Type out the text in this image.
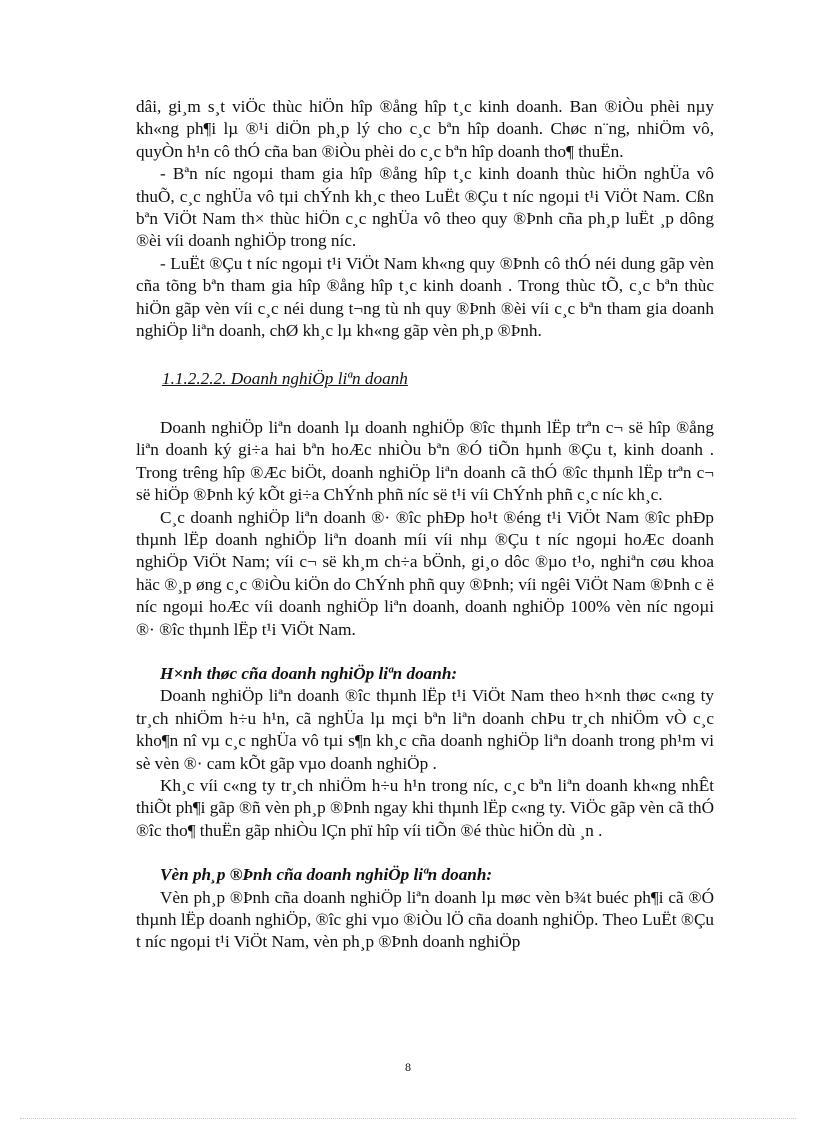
dâi, gi¸m s¸t viÖc thùc hiÖn hîp ®ång hîp t¸c kinh doanh. Ban ®iÒu phèi nµy kh«ng ph¶i lµ ®¹i diÖn ph¸p lý cho c¸c bªn hîp doanh. Chøc n¨ng, nhiÖm vô, quyÒn h¹n cô thÓ cña ban ®iÒu phèi do c¸c bªn hîp doanh tho¶ thuËn.

- Bªn níc ngoµi tham gia hîp ®ång hîp t¸c kinh doanh thùc hiÖn nghÜa vô thuÕ, c¸c nghÜa vô tµi chÝnh kh¸c theo LuËt ®Çu t níc ngoµi t¹i ViÖt Nam. Cßn bªn ViÖt Nam th× thùc hiÖn c¸c nghÜa vô theo quy ®Þnh cña ph¸p luËt ¸p dông ®èi víi doanh nghiÖp trong níc.

- LuËt ®Çu t níc ngoµi t¹i ViÖt Nam kh«ng quy ®Þnh cô thÓ néi dung gãp vèn cña tõng bªn tham gia hîp ®ång hîp t¸c kinh doanh . Trong thùc tÕ, c¸c bªn thùc hiÖn gãp vèn víi c¸c néi dung t¬ng tù nh quy ®Þnh ®èi víi c¸c bªn tham gia doanh nghiÖp liªn doanh, chØ kh¸c lµ kh«ng gãp vèn ph¸p ®Þnh.

1.1.2.2.2. Doanh nghiÖp liªn doanh

Doanh nghiÖp liªn doanh lµ doanh nghiÖp ®îc thµnh lËp trªn c¬ së hîp ®ång liªn doanh ký gi÷a hai bªn hoÆc nhiÒu bªn ®Ó tiÕn hµnh ®Çu t, kinh doanh . Trong trêng hîp ®Æc biÖt, doanh nghiÖp liªn doanh cã thÓ ®îc thµnh lËp trªn c¬ së hiÖp ®Þnh ký kÕt gi÷a ChÝnh phñ níc së t¹i víi ChÝnh phñ c¸c níc kh¸c.

C¸c doanh nghiÖp liªn doanh ®· ®îc phÐp ho¹t ®éng t¹i ViÖt Nam ®îc phÐp thµnh lËp doanh nghiÖp liªn doanh míi víi nhµ ®Çu t níc ngoµi hoÆc doanh nghiÖp ViÖt Nam; víi c¬ së kh¸m ch÷a bÖnh, gi¸o dôc ®µo t¹o, nghiªn cøu khoa häc ®¸p øng c¸c ®iÒu kiÖn do ChÝnh phñ quy ®Þnh; víi ngêi ViÖt Nam ®Þnh c ë níc ngoµi hoÆc víi doanh nghiÖp liªn doanh, doanh nghiÖp 100% vèn níc ngoµi ®· ®îc thµnh lËp t¹i ViÖt Nam.

H×nh thøc cña doanh nghiÖp liªn doanh:

Doanh nghiÖp liªn doanh ®îc thµnh lËp t¹i ViÖt Nam theo h×nh thøc c«ng ty tr¸ch nhiÖm h÷u h¹n, cã nghÜa lµ mçi bªn liªn doanh chÞu tr¸ch nhiÖm vÒ c¸c kho¶n nî vµ c¸c nghÜa vô tµi s¶n kh¸c cña doanh nghiÖp liªn doanh trong ph¹m vi sè vèn ®· cam kÕt gãp vµo doanh nghiÖp .

Kh¸c víi c«ng ty tr¸ch nhiÖm h÷u h¹n trong níc, c¸c bªn liªn doanh kh«ng nhÊt thiÕt ph¶i gãp ®ñ vèn ph¸p ®Þnh ngay khi thµnh lËp c«ng ty. ViÖc gãp vèn cã thÓ ®îc tho¶ thuËn gãp nhiÒu lÇn phï hîp víi tiÕn ®é thùc hiÖn dù ¸n .

Vèn ph¸p ®Þnh cña doanh nghiÖp liªn doanh:

Vèn ph¸p ®Þnh cña doanh nghiÖp liªn doanh lµ møc vèn b¾t buéc ph¶i cã ®Ó thµnh lËp doanh nghiÖp, ®îc ghi vµo ®iÒu lÖ cña doanh nghiÖp. Theo LuËt ®Çu t níc ngoµi t¹i ViÖt Nam, vèn ph¸p ®Þnh doanh nghiÖp

8
